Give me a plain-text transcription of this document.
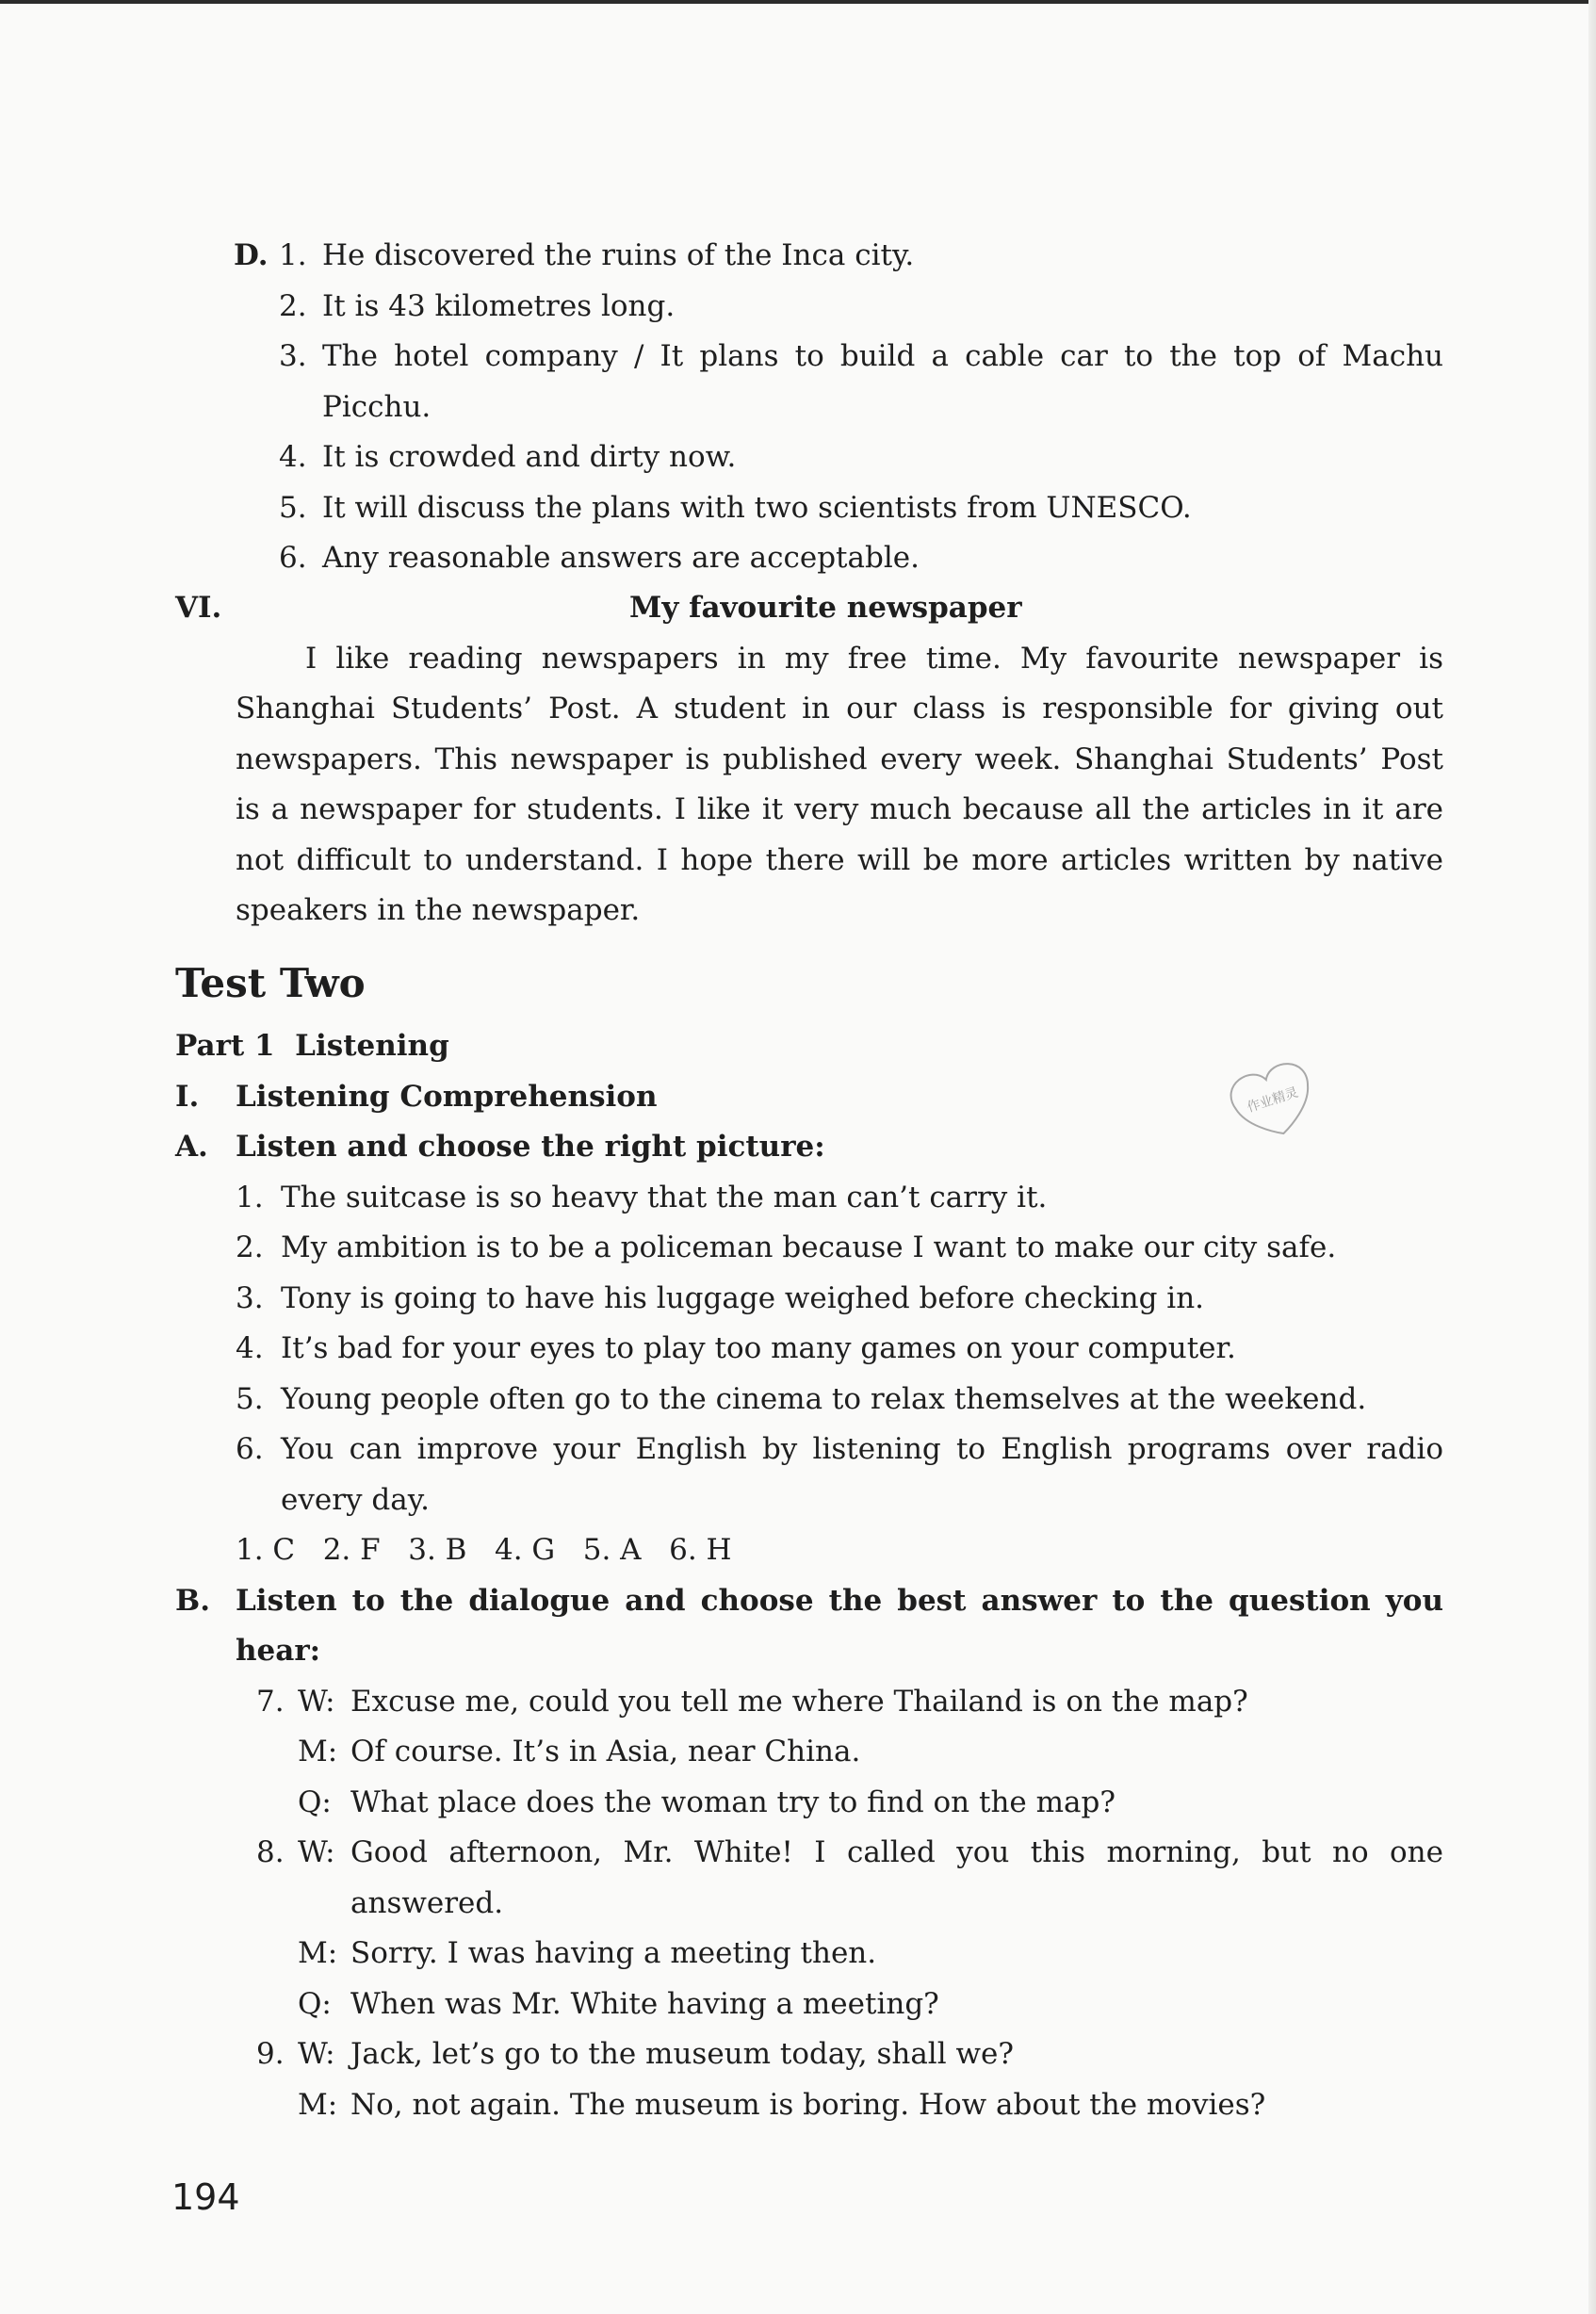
D. 1. He discovered the ruins of the Inca city.
2. It is 43 kilometres long.
3. The hotel company / It plans to build a cable car to the top of Machu
Picchu.
4. It is crowded and dirty now.
5. It will discuss the plans with two scientists from UNESCO.
6. Any reasonable answers are acceptable.
VI.	My favourite newspaper
I like reading newspapers in my free time. My favourite newspaper is
Shanghai Students’ Post. A student in our class is responsible for giving out
newspapers. This newspaper is published every week. Shanghai Students’ Post
is a newspaper for students. I like it very much because all the articles in it are
not difficult to understand. I hope there will be more articles written by native
speakers in the newspaper.
Test Two
Part 1  Listening
I. Listening Comprehension	作业精灵
A. Listen and choose the right picture:
1. The suitcase is so heavy that the man can’t carry it.
2. My ambition is to be a policeman because I want to make our city safe.
3. Tony is going to have his luggage weighed before checking in.
4. It’s bad for your eyes to play too many games on your computer.
5. Young people often go to the cinema to relax themselves at the weekend.
6. You can improve your English by listening to English programs over radio
every day.
1. C   2. F   3. B   4. G   5. A   6. H
B. Listen to the dialogue and choose the best answer to the question you
hear:
7. W: Excuse me, could you tell me where Thailand is on the map?
M: Of course. It’s in Asia, near China.
Q: What place does the woman try to find on the map?
8. W: Good afternoon, Mr. White! I called you this morning, but no one
answered.
M: Sorry. I was having a meeting then.
Q: When was Mr. White having a meeting?
9. W: Jack, let’s go to the museum today, shall we?
M: No, not again. The museum is boring. How about the movies?
194
